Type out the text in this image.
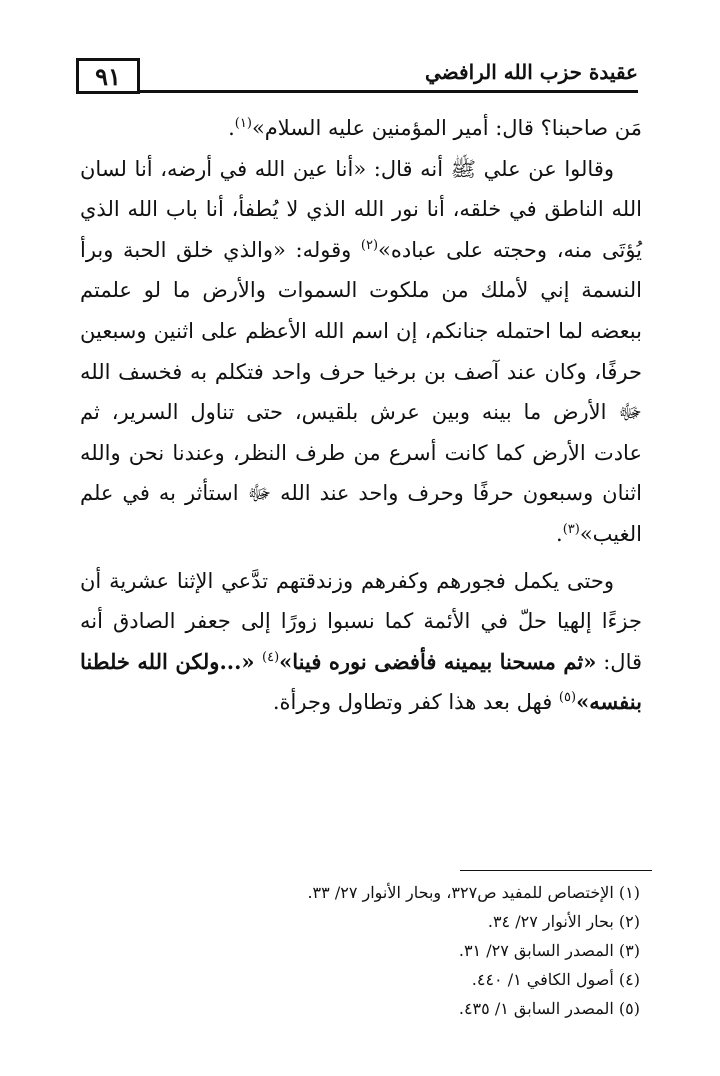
٩١	عقيدة حزب الله الرافضي

مَن صاحبنا؟ قال: أمير المؤمنين عليه السلام»$^{(١)}$.

وقالوا عن علي ﷺ أنه قال: «أنا عين الله في أرضه، أنا لسان الله الناطق في خلقه، أنا نور الله الذي لا يُطفأ، أنا باب الله الذي يُؤتَى منه، وحجته على عباده»$^{(٢)}$ وقوله: «والذي خلق الحبة وبرأ النسمة إني لأملك من ملكوت السموات والأرض ما لو علمتم ببعضه لما احتمله جنانكم، إن اسم الله الأعظم على اثنين وسبعين حرفًا، وكان عند آصف بن برخيا حرف واحد فتكلم به فخسف الله ﷻ الأرض ما بينه وبين عرش بلقيس، حتى تناول السرير، ثم عادت الأرض كما كانت أسرع من طرف النظر، وعندنا نحن والله اثنان وسبعون حرفًا وحرف واحد عند الله ﷻ استأثر به في علم الغيب»$^{(٣)}$.

وحتى يكمل فجورهم وكفرهم وزندقتهم تدَّعي الإثنا عشرية أن جزءًا إلهيا حلّ في الأئمة كما نسبوا زورًا إلى جعفر الصادق أنه قال: «ثم مسحنا بيمينه فأفضى نوره فينا»$^{(٤)}$ «...ولكن الله خلطنا بنفسه»$^{(٥)}$ فهل بعد هذا كفر وتطاول وجرأة.

(١) الإختصاص للمفيد ص٣٢٧، وبحار الأنوار ٢٧/ ٣٣.
(٢) بحار الأنوار ٢٧/ ٣٤.
(٣) المصدر السابق ٢٧/ ٣١.
(٤) أصول الكافي ١/ ٤٤٠.
(٥) المصدر السابق ١/ ٤٣٥.
